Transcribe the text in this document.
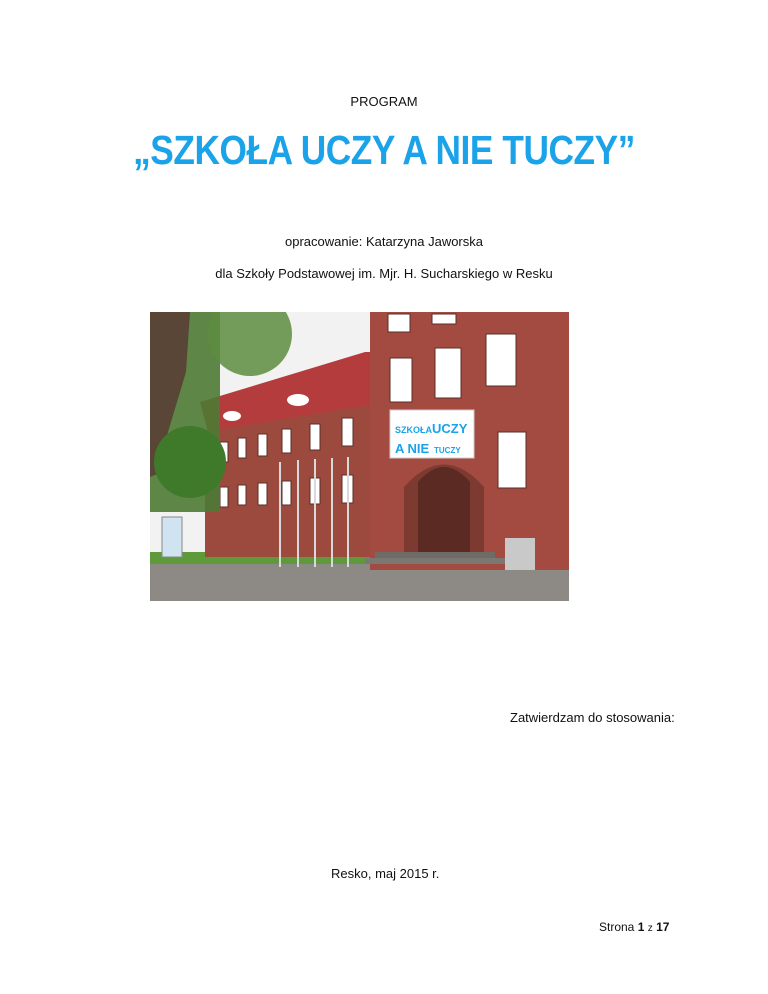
PROGRAM
„SZKOŁA UCZY A NIE TUCZY”
opracowanie: Katarzyna Jaworska
dla Szkoły Podstawowej im. Mjr. H. Sucharskiego w Resku
SZKOŁA UCZY
A NIE TUCZY
Zatwierdzam do stosowania:
Resko, maj 2015 r.
Strona 1 z 17
